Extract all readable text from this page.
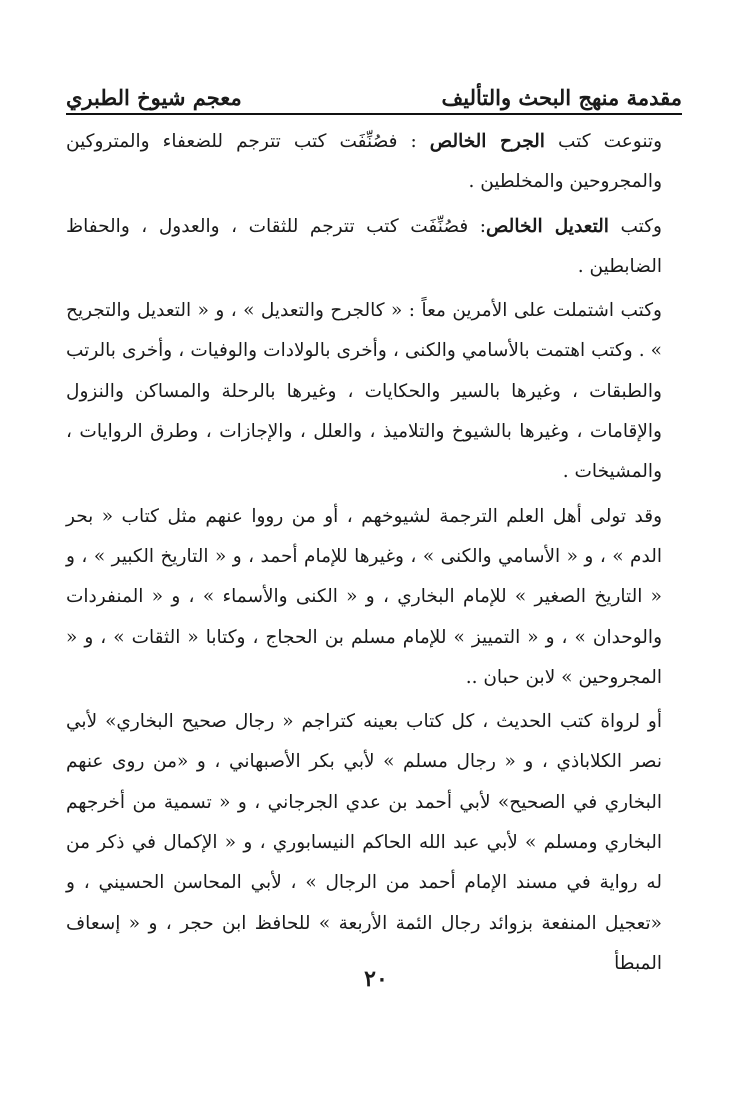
مقدمة منهج البحث والتأليف
معجم شيوخ الطبري

وتنوعت كتب الجرح الخالص : فصُنِّفَت كتب تترجم للضعفاء والمتروكين والمجروحين والمخلطين .

وكتب التعديل الخالص: فصُنِّفَت كتب تترجم للثقات ، والعدول ، والحفاظ الضابطين .

وكتب اشتملت على الأمرين معاً : « كالجرح والتعديل » ، و « التعديل والتجريح » . وكتب اهتمت بالأسامي والكنى ، وأخرى بالولادات والوفيات ، وأخرى بالرتب والطبقات ، وغيرها بالسير والحكايات ، وغيرها بالرحلة والمساكن والنزول والإقامات ، وغيرها بالشيوخ والتلاميذ ، والعلل ، والإجازات ، وطرق الروايات ، والمشيخات .

وقد تولى أهل العلم الترجمة لشيوخهم ، أو من رووا عنهم مثل كتاب « بحر الدم » ، و « الأسامي والكنى » ، وغيرها للإمام أحمد ، و « التاريخ الكبير » ، و « التاريخ الصغير » للإمام البخاري ، و « الكنى والأسماء » ، و « المنفردات والوحدان » ، و « التمييز » للإمام مسلم بن الحجاج ، وكتابا « الثقات » ، و « المجروحين » لابن حبان ..

أو لرواة كتب الحديث ، كل كتاب بعينه كتراجم « رجال صحيح البخاري» لأبي نصر الكلاباذي ، و « رجال مسلم » لأبي بكر الأصبهاني ، و «من روى عنهم البخاري في الصحيح» لأبي أحمد بن عدي الجرجاني ، و « تسمية من أخرجهم البخاري ومسلم » لأبي عبد الله الحاكم النيسابوري ، و « الإكمال في ذكر من له رواية في مسند الإمام أحمد من الرجال » ، لأبي المحاسن الحسيني ، و «تعجيل المنفعة بزوائد رجال الئمة الأربعة » للحافظ ابن حجر ، و « إسعاف المبطأ

٢٠
